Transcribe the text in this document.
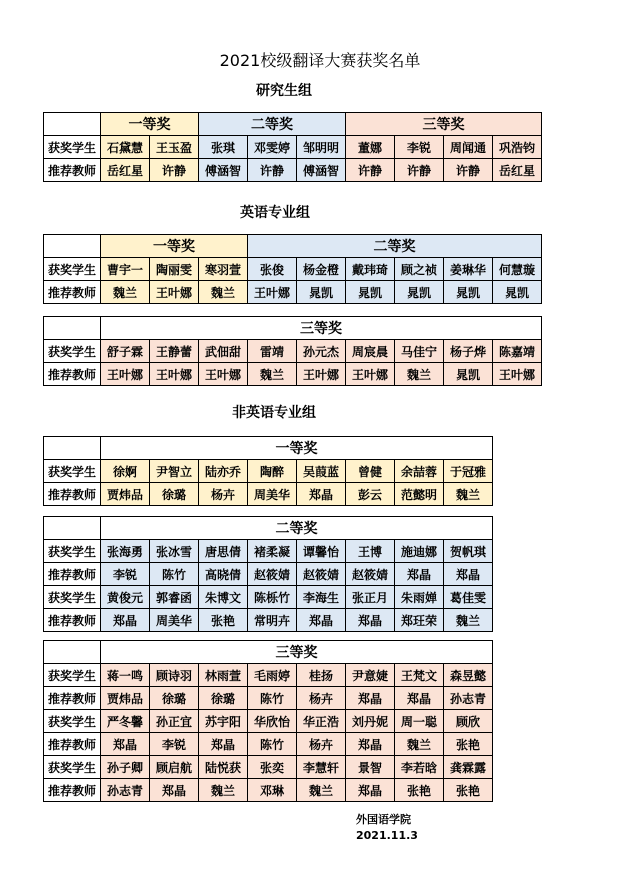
2021校级翻译大赛获奖名单
研究生组
	一等奖		二等奖			三等奖			
获奖学生	石黛慧	王玉盈	张琪	邓雯婷	邹明明	董娜	李锐	周闻通	巩浩钧
推荐教师	岳红星	许静	傅涵智	许静	傅涵智	许静	许静	许静	岳红星
英语专业组
	一等奖			二等奖					
获奖学生	曹宇一	陶丽雯	寒羽萱	张俊	杨金橙	戴玮琦	顾之祯	姜琳华	何慧璇
推荐教师	魏兰	王叶娜	魏兰	王叶娜	晁凯	晁凯	晁凯	晁凯	晁凯
	三等奖								
获奖学生	舒子霖	王静蕾	武佃甜	雷靖	孙元杰	周宸晨	马佳宁	杨子烨	陈嘉靖
推荐教师	王叶娜	王叶娜	王叶娜	魏兰	王叶娜	王叶娜	魏兰	晁凯	王叶娜
非英语专业组
	一等奖							
获奖学生	徐婀	尹智立	陆亦乔	陶醉	吴葭蓝	曾健	余喆蓉	于冠雅
推荐教师	贾炜品	徐璐	杨卉	周美华	郑晶	彭云	范懿明	魏兰
	二等奖							
获奖学生	张海勇	张冰雪	唐思倩	褚柔凝	谭馨怡	王博	施迪娜	贺帆琪
推荐教师	李锐	陈竹	高晓倩	赵筱婧	赵筱婧	赵筱婧	郑晶	郑晶
获奖学生	黄俊元	郭睿函	朱博文	陈栎竹	李海生	张正月	朱雨婵	葛佳雯
推荐教师	郑晶	周美华	张艳	常明卉	郑晶	郑晶	郑玨荣	魏兰
	三等奖							
获奖学生	蒋一鸣	顾诗羽	林雨萱	毛雨婷	桂扬	尹意婕	王梵文	森昱懿
推荐教师	贾炜品	徐璐	徐璐	陈竹	杨卉	郑晶	郑晶	孙志青
获奖学生	严冬馨	孙正宜	苏宇阳	华欣怡	华正浩	刘丹妮	周一聪	顾欣
推荐教师	郑晶	李锐	郑晶	陈竹	杨卉	郑晶	魏兰	张艳
获奖学生	孙子卿	顾启航	陆悦获	张奕	李慧轩	景智	李若晗	龚霖露
推荐教师	孙志青	郑晶	魏兰	邓琳	魏兰	郑晶	张艳	张艳
外国语学院
2021.11.3
